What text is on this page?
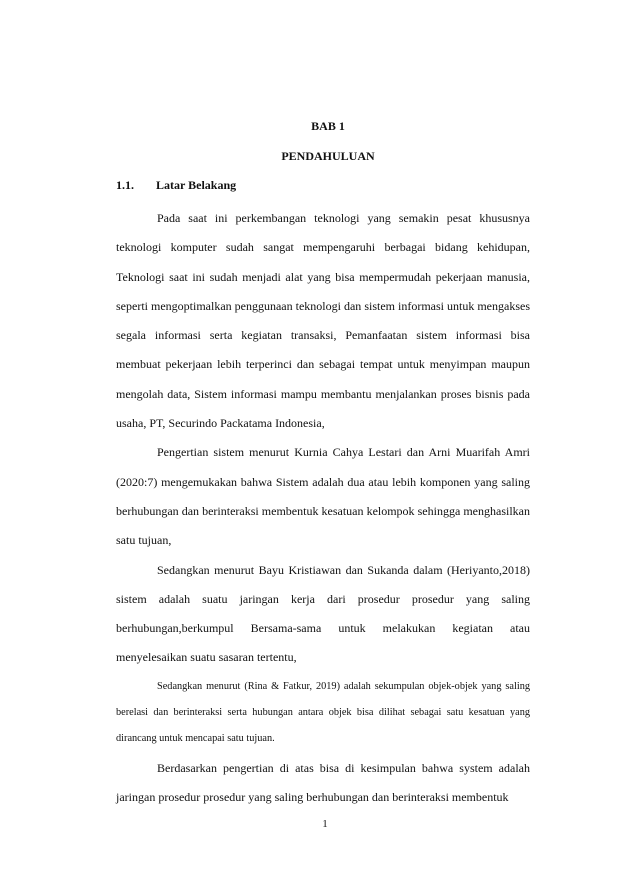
BAB 1
PENDAHULUAN
1.1. Latar Belakang

Pada saat ini perkembangan teknologi yang semakin pesat khususnya teknologi komputer sudah sangat mempengaruhi berbagai bidang kehidupan, Teknologi saat ini sudah menjadi alat yang bisa mempermudah pekerjaan manusia, seperti mengoptimalkan penggunaan teknologi dan sistem informasi untuk mengakses segala informasi serta kegiatan transaksi, Pemanfaatan sistem informasi bisa membuat pekerjaan lebih terperinci dan sebagai tempat untuk menyimpan maupun mengolah data, Sistem informasi mampu membantu menjalankan proses bisnis pada usaha, PT, Securindo Packatama Indonesia,

Pengertian sistem menurut Kurnia Cahya Lestari dan Arni Muarifah Amri (2020:7) mengemukakan bahwa Sistem adalah dua atau lebih komponen yang saling berhubungan dan berinteraksi membentuk kesatuan kelompok sehingga menghasilkan satu tujuan,

Sedangkan menurut Bayu Kristiawan dan Sukanda dalam (Heriyanto,2018) sistem adalah suatu jaringan kerja dari prosedur prosedur yang saling berhubungan,berkumpul Bersama-sama untuk melakukan kegiatan atau menyelesaikan suatu sasaran tertentu,

Sedangkan menurut (Rina & Fatkur, 2019) adalah sekumpulan objek-objek yang saling berelasi dan berinteraksi serta hubungan antara objek bisa dilihat sebagai satu kesatuan yang dirancang untuk mencapai satu tujuan.

Berdasarkan pengertian di atas bisa di kesimpulan bahwa system adalah jaringan prosedur prosedur yang saling berhubungan dan berinteraksi membentuk

1
